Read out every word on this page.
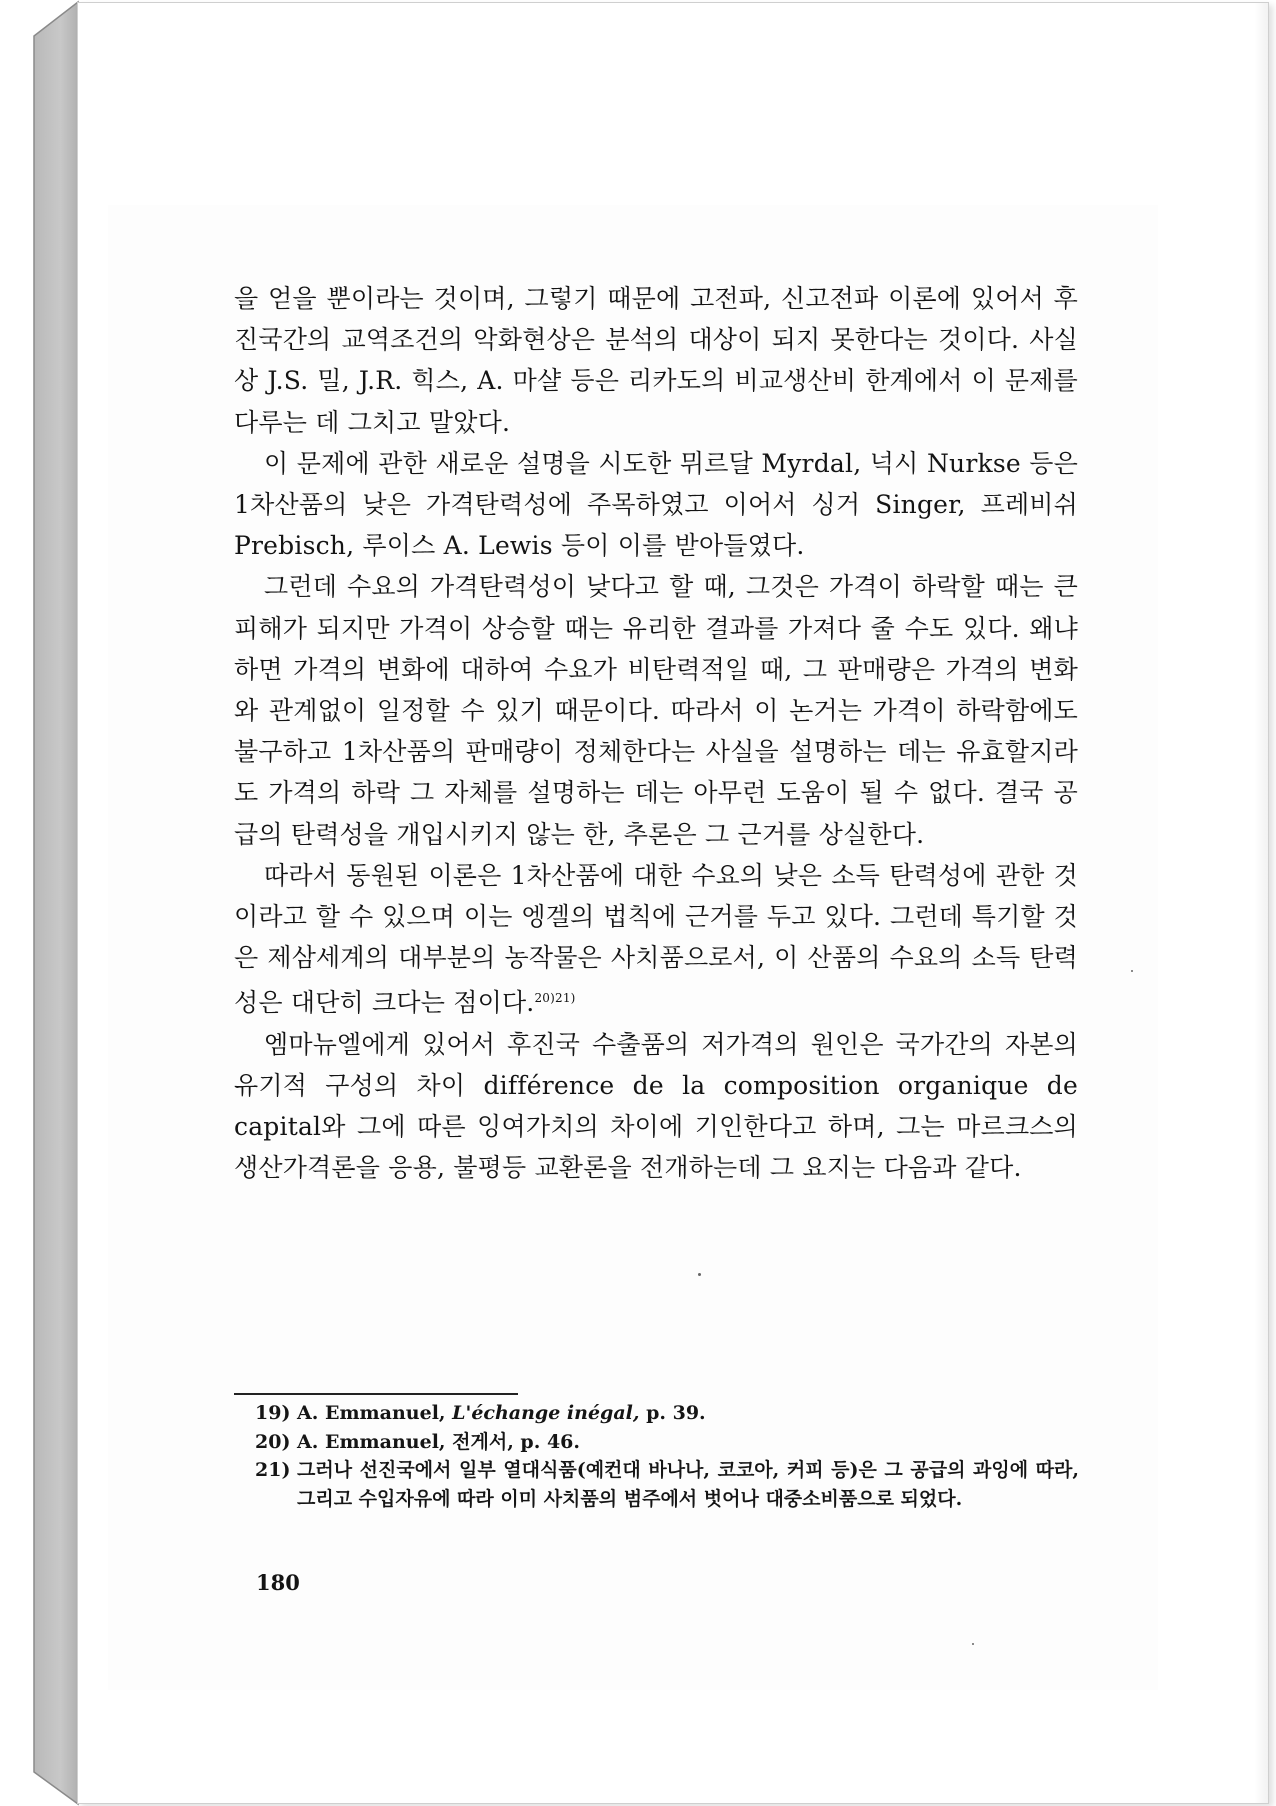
을 얻을 뿐이라는 것이며, 그렇기 때문에 고전파, 신고전파 이론에 있어서 후진국간의 교역조건의 악화현상은 분석의 대상이 되지 못한다는 것이다. 사실상 J.S. 밀, J.R. 힉스, A. 마샬 등은 리카도의 비교생산비 한계에서 이 문제를 다루는 데 그치고 말았다.

이 문제에 관한 새로운 설명을 시도한 뮈르달 Myrdal, 넉시 Nurkse 등은 1차산품의 낮은 가격탄력성에 주목하였고 이어서 싱거 Singer, 프레비쉬 Prebisch, 루이스 A. Lewis 등이 이를 받아들였다.

그런데 수요의 가격탄력성이 낮다고 할 때, 그것은 가격이 하락할 때는 큰 피해가 되지만 가격이 상승할 때는 유리한 결과를 가져다 줄 수도 있다. 왜냐하면 가격의 변화에 대하여 수요가 비탄력적일 때, 그 판매량은 가격의 변화와 관계없이 일정할 수 있기 때문이다. 따라서 이 논거는 가격이 하락함에도 불구하고 1차산품의 판매량이 정체한다는 사실을 설명하는 데는 유효할지라도 가격의 하락 그 자체를 설명하는 데는 아무런 도움이 될 수 없다. 결국 공급의 탄력성을 개입시키지 않는 한, 추론은 그 근거를 상실한다.

따라서 동원된 이론은 1차산품에 대한 수요의 낮은 소득 탄력성에 관한 것이라고 할 수 있으며 이는 엥겔의 법칙에 근거를 두고 있다. 그런데 특기할 것은 제삼세계의 대부분의 농작물은 사치품으로서, 이 산품의 수요의 소득 탄력성은 대단히 크다는 점이다.$^{20)21)}$

엠마뉴엘에게 있어서 후진국 수출품의 저가격의 원인은 국가간의 자본의 유기적 구성의 차이 différence de la composition organique de capital와 그에 따른 잉여가치의 차이에 기인한다고 하며, 그는 마르크스의 생산가격론을 응용, 불평등 교환론을 전개하는데 그 요지는 다음과 같다.

19) A. Emmanuel, L'échange inégal, p. 39.
20) A. Emmanuel, 전게서, p. 46.
21) 그러나 선진국에서 일부 열대식품(예컨대 바나나, 코코아, 커피 등)은 그 공급의 과잉에 따라, 그리고 수입자유에 따라 이미 사치품의 범주에서 벗어나 대중소비품으로 되었다.
180
